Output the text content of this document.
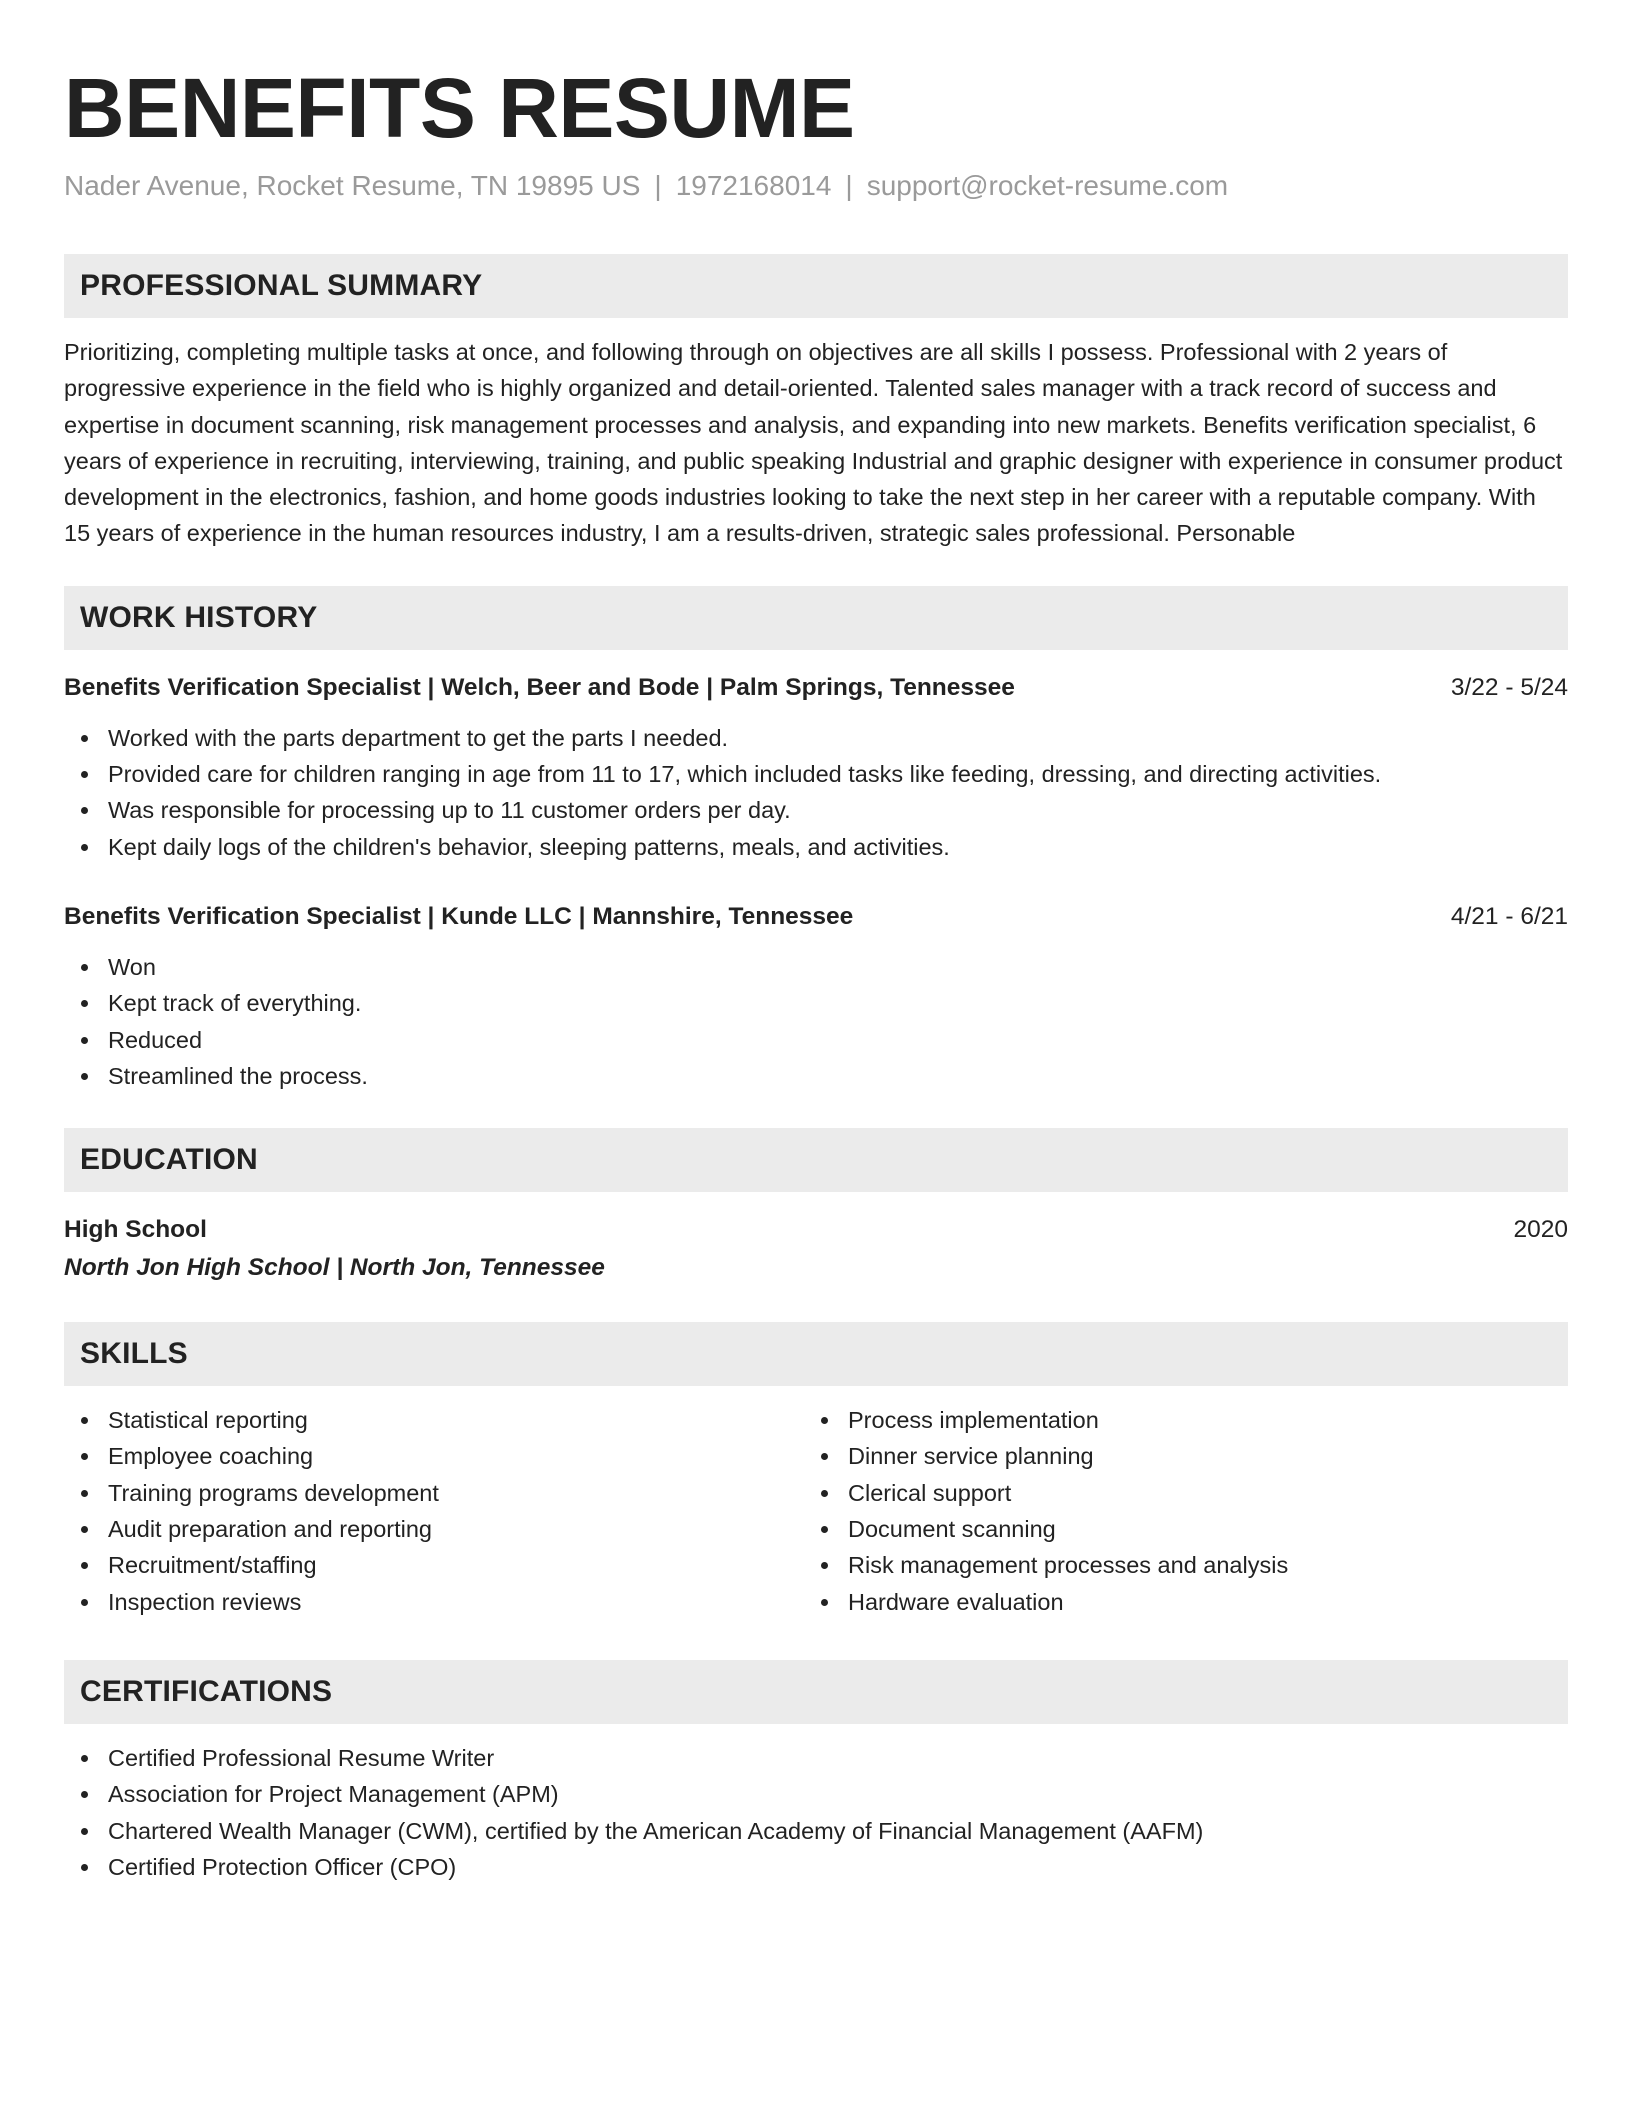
BENEFITS RESUME
Nader Avenue, Rocket Resume, TN 19895 US | 1972168014 | support@rocket-resume.com
PROFESSIONAL SUMMARY

Prioritizing, completing multiple tasks at once, and following through on objectives are all skills I possess. Professional with 2 years of progressive experience in the field who is highly organized and detail-oriented. Talented sales manager with a track record of success and expertise in document scanning, risk management processes and analysis, and expanding into new markets. Benefits verification specialist, 6 years of experience in recruiting, interviewing, training, and public speaking Industrial and graphic designer with experience in consumer product development in the electronics, fashion, and home goods industries looking to take the next step in her career with a reputable company. With 15 years of experience in the human resources industry, I am a results-driven, strategic sales professional. Personable

WORK HISTORY
Benefits Verification Specialist | Welch, Beer and Bode | Palm Springs, Tennessee	3/22 - 5/24
Worked with the parts department to get the parts I needed.
Provided care for children ranging in age from 11 to 17, which included tasks like feeding, dressing, and directing activities.
Was responsible for processing up to 11 customer orders per day.
Kept daily logs of the children's behavior, sleeping patterns, meals, and activities.
Benefits Verification Specialist | Kunde LLC | Mannshire, Tennessee	4/21 - 6/21
Won
Kept track of everything.
Reduced
Streamlined the process.
EDUCATION
High School	2020
North Jon High School | North Jon, Tennessee
SKILLS
Statistical reporting
Employee coaching
Training programs development
Audit preparation and reporting
Recruitment/staffing
Inspection reviews
Process implementation
Dinner service planning
Clerical support
Document scanning
Risk management processes and analysis
Hardware evaluation
CERTIFICATIONS
Certified Professional Resume Writer
Association for Project Management (APM)
Chartered Wealth Manager (CWM), certified by the American Academy of Financial Management (AAFM)
Certified Protection Officer (CPO)
